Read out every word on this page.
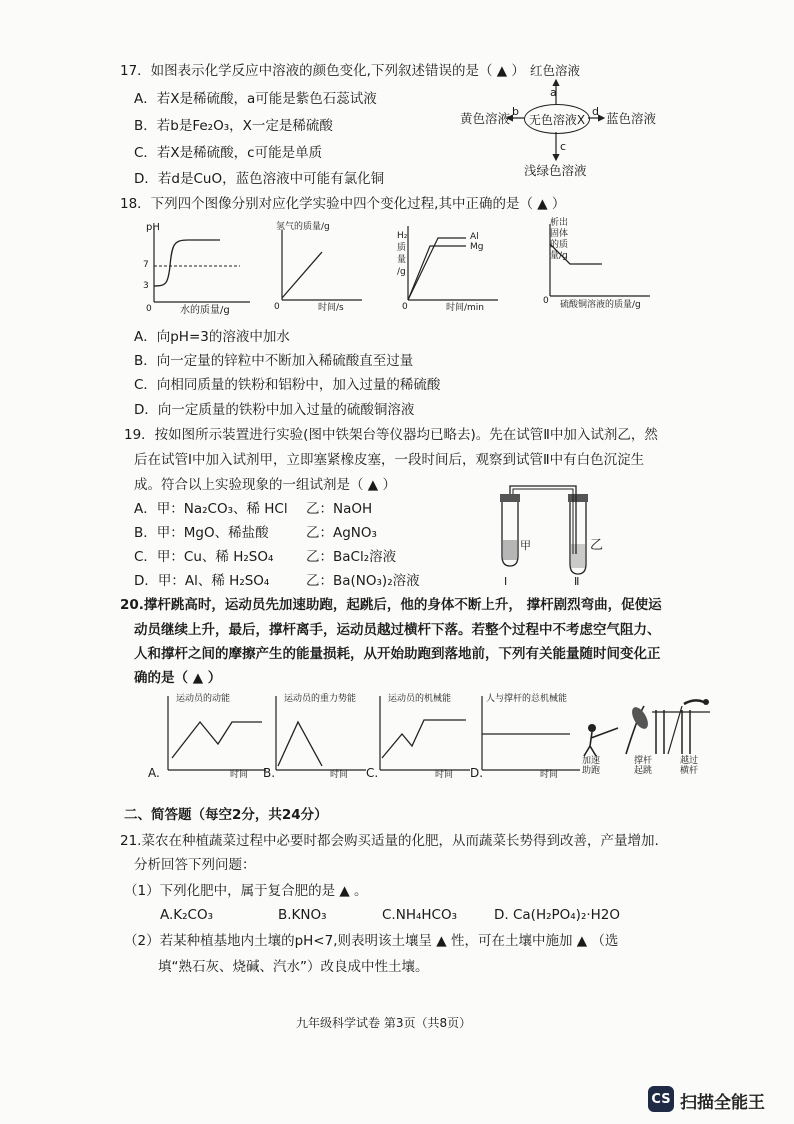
17．如图表示化学反应中溶液的颜色变化,下列叙述错误的是（ ▲ ）
A．若X是稀硫酸，a可能是紫色石蕊试液
B．若b是Fe₂O₃，X一定是稀硫酸
C．若X是稀硫酸，c可能是单质
D．若d是CuO，蓝色溶液中可能有氯化铜
红色溶液
a
黄色溶液 b
无色溶液X
d 蓝色溶液
c
浅绿色溶液
18．下列四个图像分别对应化学实验中四个变化过程,其中正确的是（ ▲ ）
pH
7
3
0	水的质量/g
氢气的质量/g
0	时间/s
H₂
质
量
/g
Al
Mg
0	时间/min
析出
固体
的质
量/g
0 硫酸铜溶液的质量/g
A．向pH=3的溶液中加水
B．向一定量的锌粒中不断加入稀硫酸直至过量
C．向相同质量的铁粉和铝粉中，加入过量的稀硫酸
D．向一定质量的铁粉中加入过量的硫酸铜溶液
19．按如图所示装置进行实验(图中铁架台等仪器均已略去)。先在试管Ⅱ中加入试剂乙，然
后在试管Ⅰ中加入试剂甲，立即塞紧橡皮塞，一段时间后，观察到试管Ⅱ中有白色沉淀生
成。符合以上实验现象的一组试剂是（ ▲ ）
A．甲：Na₂CO₃、稀 HCl 乙：NaOH
B．甲：MgO、稀盐酸	乙：AgNO₃
C．甲：Cu、稀 H₂SO₄ 乙：BaCl₂溶液
D．甲：Al、稀 H₂SO₄	乙：Ba(NO₃)₂溶液
甲	乙
Ⅰ	Ⅱ
20.撑杆跳高时，运动员先加速助跑，起跳后，他的身体不断上升， 撑杆剧烈弯曲，促使运
动员继续上升，最后，撑杆离手，运动员越过横杆下落。若整个过程中不考虑空气阻力、
人和撑杆之间的摩擦产生的能量损耗，从开始助跑到落地前，下列有关能量随时间变化正
确的是（ ▲ ）
运动员的动能
A.	时间
运动员的重力势能
B.	时间
运动员的机械能
C.	时间
人与撑杆的总机械能
D.	时间
加速
助跑
撑杆
起跳
越过
横杆
二、简答题（每空2分，共24分）
21.菜农在种植蔬菜过程中必要时都会购买适量的化肥，从而蔬菜长势得到改善，产量增加.
分析回答下列问题：
（1）下列化肥中，属于复合肥的是 ▲ 。
A.K₂CO₃	B.KNO₃	C.NH₄HCO₃	D. Ca(H₂PO₄)₂·H2O
（2）若某种植基地内土壤的pH<7,则表明该土壤呈 ▲ 性，可在土壤中施加 ▲ （选
填“熟石灰、烧碱、汽水”）改良成中性土壤。
九年级科学试卷 第3页（共8页）
CS 扫描全能王
